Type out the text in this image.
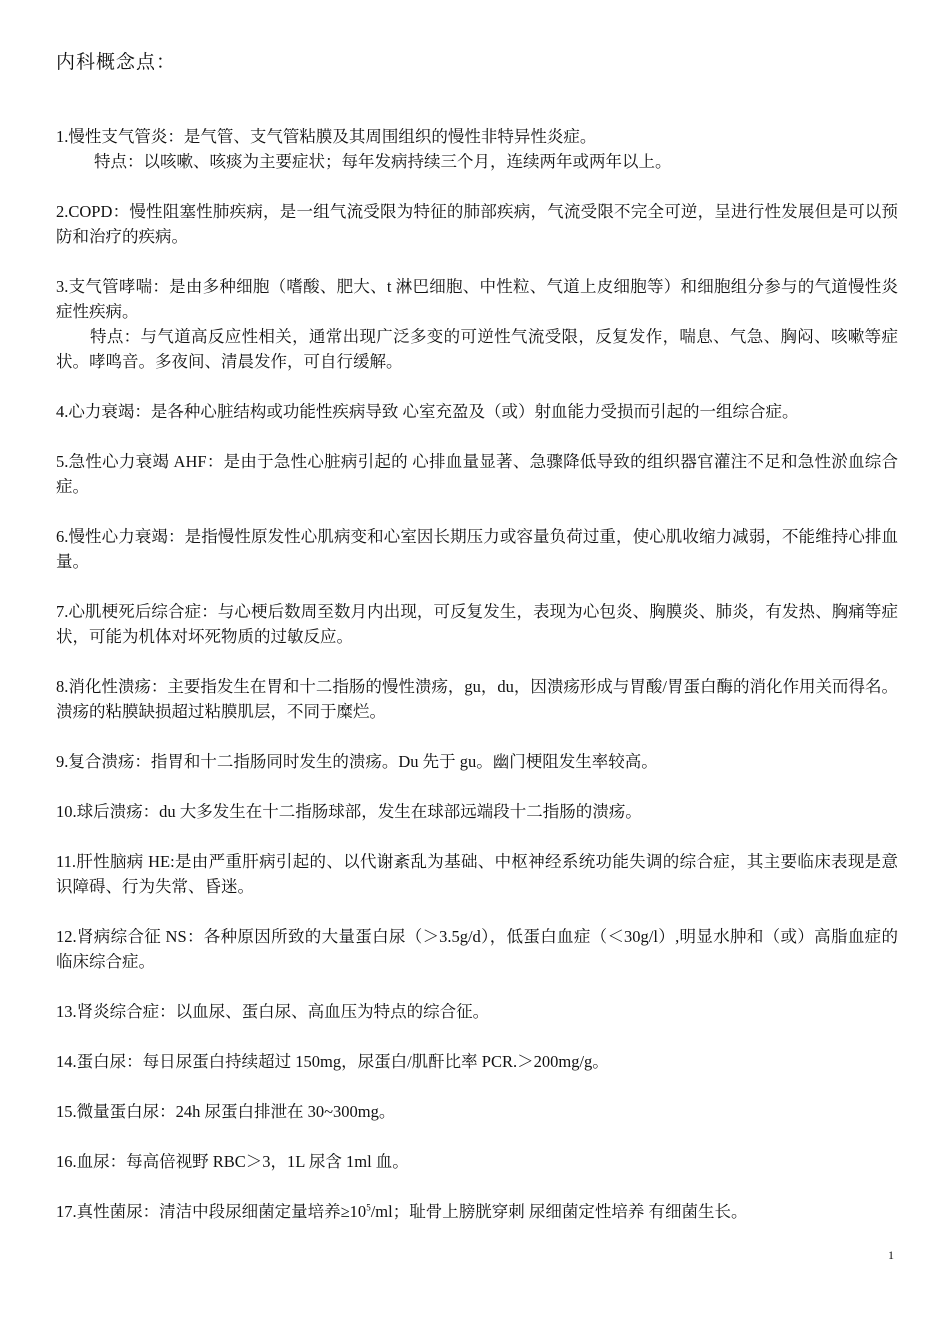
内科概念点：

1.慢性支气管炎：是气管、支气管粘膜及其周围组织的慢性非特异性炎症。

特点：以咳嗽、咳痰为主要症状；每年发病持续三个月，连续两年或两年以上。

2.COPD：慢性阻塞性肺疾病，是一组气流受限为特征的肺部疾病，气流受限不完全可逆，呈进行性发展但是可以预防和治疗的疾病。

3.支气管哮喘：是由多种细胞（嗜酸、肥大、t 淋巴细胞、中性粒、气道上皮细胞等）和细胞组分参与的气道慢性炎症性疾病。

特点：与气道高反应性相关，通常出现广泛多变的可逆性气流受限，反复发作，喘息、气急、胸闷、咳嗽等症状。哮鸣音。多夜间、清晨发作，可自行缓解。

4.心力衰竭：是各种心脏结构或功能性疾病导致 心室充盈及（或）射血能力受损而引起的一组综合症。

5.急性心力衰竭 AHF：是由于急性心脏病引起的 心排血量显著、急骤降低导致的组织器官灌注不足和急性淤血综合症。

6.慢性心力衰竭：是指慢性原发性心肌病变和心室因长期压力或容量负荷过重，使心肌收缩力减弱，不能维持心排血量。

7.心肌梗死后综合症：与心梗后数周至数月内出现，可反复发生，表现为心包炎、胸膜炎、肺炎，有发热、胸痛等症状，可能为机体对坏死物质的过敏反应。

8.消化性溃疡：主要指发生在胃和十二指肠的慢性溃疡，gu，du，因溃疡形成与胃酸/胃蛋白酶的消化作用关而得名。溃疡的粘膜缺损超过粘膜肌层，不同于糜烂。

9.复合溃疡：指胃和十二指肠同时发生的溃疡。Du 先于 gu。幽门梗阻发生率较高。

10.球后溃疡：du 大多发生在十二指肠球部，发生在球部远端段十二指肠的溃疡。

11.肝性脑病 HE:是由严重肝病引起的、以代谢紊乱为基础、中枢神经系统功能失调的综合症，其主要临床表现是意识障碍、行为失常、昏迷。

12.肾病综合征 NS：各种原因所致的大量蛋白尿（＞3.5g/d），低蛋白血症（＜30g/l）,明显水肿和（或）高脂血症的临床综合症。

13.肾炎综合症：以血尿、蛋白尿、高血压为特点的综合征。

14.蛋白尿：每日尿蛋白持续超过 150mg，尿蛋白/肌酐比率 PCR.＞200mg/g。

15.微量蛋白尿：24h 尿蛋白排泄在 30~300mg。

16.血尿：每高倍视野 RBC＞3，1L 尿含 1ml 血。

17.真性菌尿：清洁中段尿细菌定量培养$\ge 10^5/ml$；耻骨上膀胱穿刺 尿细菌定性培养 有细菌生长。

1
